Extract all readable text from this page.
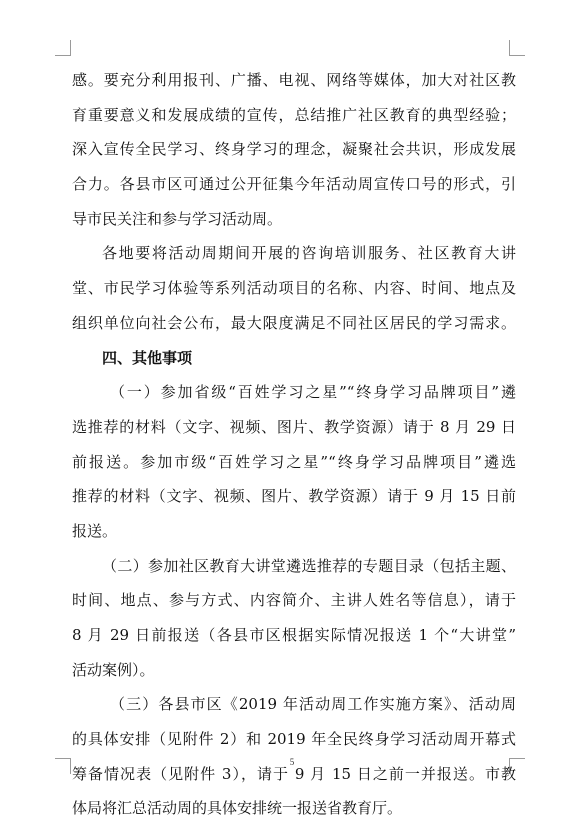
感。要充分利用报刊、广播、电视、网络等媒体，加大对社区教
育重要意义和发展成绩的宣传，总结推广社区教育的典型经验；
深入宣传全民学习、终身学习的理念，凝聚社会共识，形成发展
合力。各县市区可通过公开征集今年活动周宣传口号的形式，引
导市民关注和参与学习活动周。
各地要将活动周期间开展的咨询培训服务、社区教育大讲
堂、市民学习体验等系列活动项目的名称、内容、时间、地点及
组织单位向社会公布，最大限度满足不同社区居民的学习需求。
四、其他事项
（一）参加省级“百姓学习之星”“终身学习品牌项目”遴
选推荐的材料（文字、视频、图片、教学资源）请于 8 月 29 日
前报送。参加市级“百姓学习之星”“终身学习品牌项目”遴选
推荐的材料（文字、视频、图片、教学资源）请于 9 月 15 日前
报送。
（二）参加社区教育大讲堂遴选推荐的专题目录（包括主题、
时间、地点、参与方式、内容简介、主讲人姓名等信息），请于
8 月 29 日前报送（各县市区根据实际情况报送 1 个“大讲堂”
活动案例）。
（三）各县市区《2019 年活动周工作实施方案》、活动周
的具体安排（见附件 2）和 2019 年全民终身学习活动周开幕式
筹备情况表（见附件 3），请于 9 月 15 日之前一并报送。市教
体局将汇总活动周的具体安排统一报送省教育厅。
5
